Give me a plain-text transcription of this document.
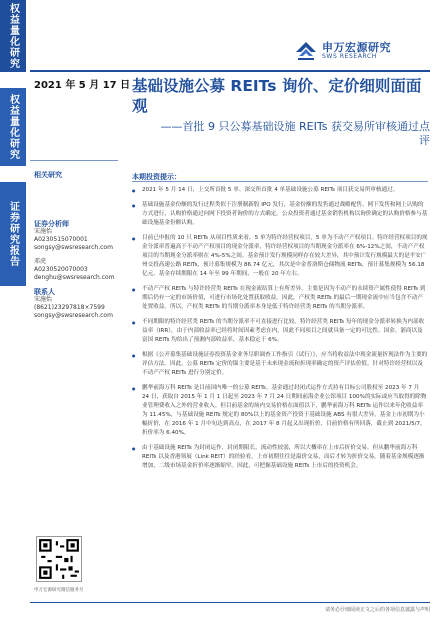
权益量化研究
权益量化研究
证券研究报告
申万宏源研究
SWS RESEARCH
2021 年 5 月 17 日 基础设施公募 REITs 询价、定价细则面面观
——首批 9 只公募基础设施 REITs 获交易所审核通过点评
相关研究
证券分析师
宋施怡
A0230515070001
songsy@swsresearch.com
邓虎
A0230520070003
denghu@swsresearch.com
联系人
宋施怡
(8621)23297818×7599
songsy@swsresearch.com
申万宏源研究微信服务号
本期投资提示：
● 2021 年 5 月 14 日，上交所首批 5 单、深交所首批 4 单基础设施公募 REITs 项目获交易所审核通过。
● 基础设施基金份额的发行过程类似于注册制新股 IPO 发行，基金份额的发售通过战略配售、网下发售和网上认购的方式进行，认购价格通过向网下投资者询价的方式确定。公众投资者通过基金销售机构以询价确定的认购价格参与基础设施基金份额认购。
● 目前已申报的 10 只 REITs 从项目性质来看，5 单为特许经营权项目，5 单为不动产产权项目。特许经营权项目的现金分派率普遍高于不动产产权项目的现金分派率，特许经营权项目的当期现金分派率在 6%-12%之间，不动产产权项目的当期现金分派率则在 4%-5%之间。基金预计发行规模同样存在较大差异，其中预计发行规模最大的是平安广州交投高速公路 REITs，预计募集规模为 86.74 亿元，其次是中金普洛斯仓储物流 REITs，预计募集规模为 56.18 亿元。基金存续期限在 14 年至 99 年期间，一般在 20 年左右。
● 不动产产权 REITs 与特许经营类 REITs 在现金流结算上有所差异，主要是因为不动产的永续资产属性使得 REITs 到期后仍有一定的市场价值，可进行市场化处置获取收益。因此，产权类 REITs 的最后一期现金流中应当包含不动产处置收益。所以，产权类 REITs 的当期分派率本身是低于特许经营类 REITs 的当期分派率。
● 不同期限的特许经营类 REITs 的当期分派率不可直接进行比较。特许经营类 REITs 每年的现金分派率转换为内部收益率（IRR），由于内部收益率已经将时间因素考虑在内，因此不同项目之间就具备一定的可比性。国金、浙商以及富国 REITs 均给出了预测内部收益率，基本稳定于 6%。
● 根据《公开募集基础设施证券投资基金业务尽职调查工作指引（试行）》，应当将收益法中现金流量折现法作为主要的评估方法。因此，公募 REITs 定价的锚主要是基于未来现金流和折现率确定的资产评估价值。针对特许经营权以及不动产产权 REITs 进行分别定价。
● 鹏华前海万科 REITs 是目前国内唯一的公募 REITs。基金通过封闭式运作方式持有目标公司股权至 2023 年 7 月 24 日，获取自 2015 年 1 月 1 日起至 2023 年 7 月 24 日期间前海企业公馆项目 100%的实际或应当取得的除物业管理费收入之外的营业收入。但目前基金的场内交易价格在面值以下，鹏华前海万科 REITs 运作以来年化收益率为 11.45%，与基础设施 REITs 规定的 80%以上的基金资产投资于基础设施 ABS 有很大差异。基金上市初期为小幅折价，在 2016 年 1 月中旬达到高点，在 2017 年 8 月起又出现折价，目前价格有所回落，截止到 2021/5/7，折价率为 6.40%。
● 由于基础设施 REITs 为封闭运作，封闭期限长，流动性较弱，所以大概率在上市后折价交易。但从鹏华前海万科 REITs 以及香港领展（Link REIT）的经验看，上市初期往往是溢价交易，而后才转为折价交易。随着基金规模逐渐增加，二级市场基金折价率逐渐缩窄。因此，可把握基础设施 REITs 上市后的投资机会。
请务必仔细阅读正文之后的各项信息披露与声明
